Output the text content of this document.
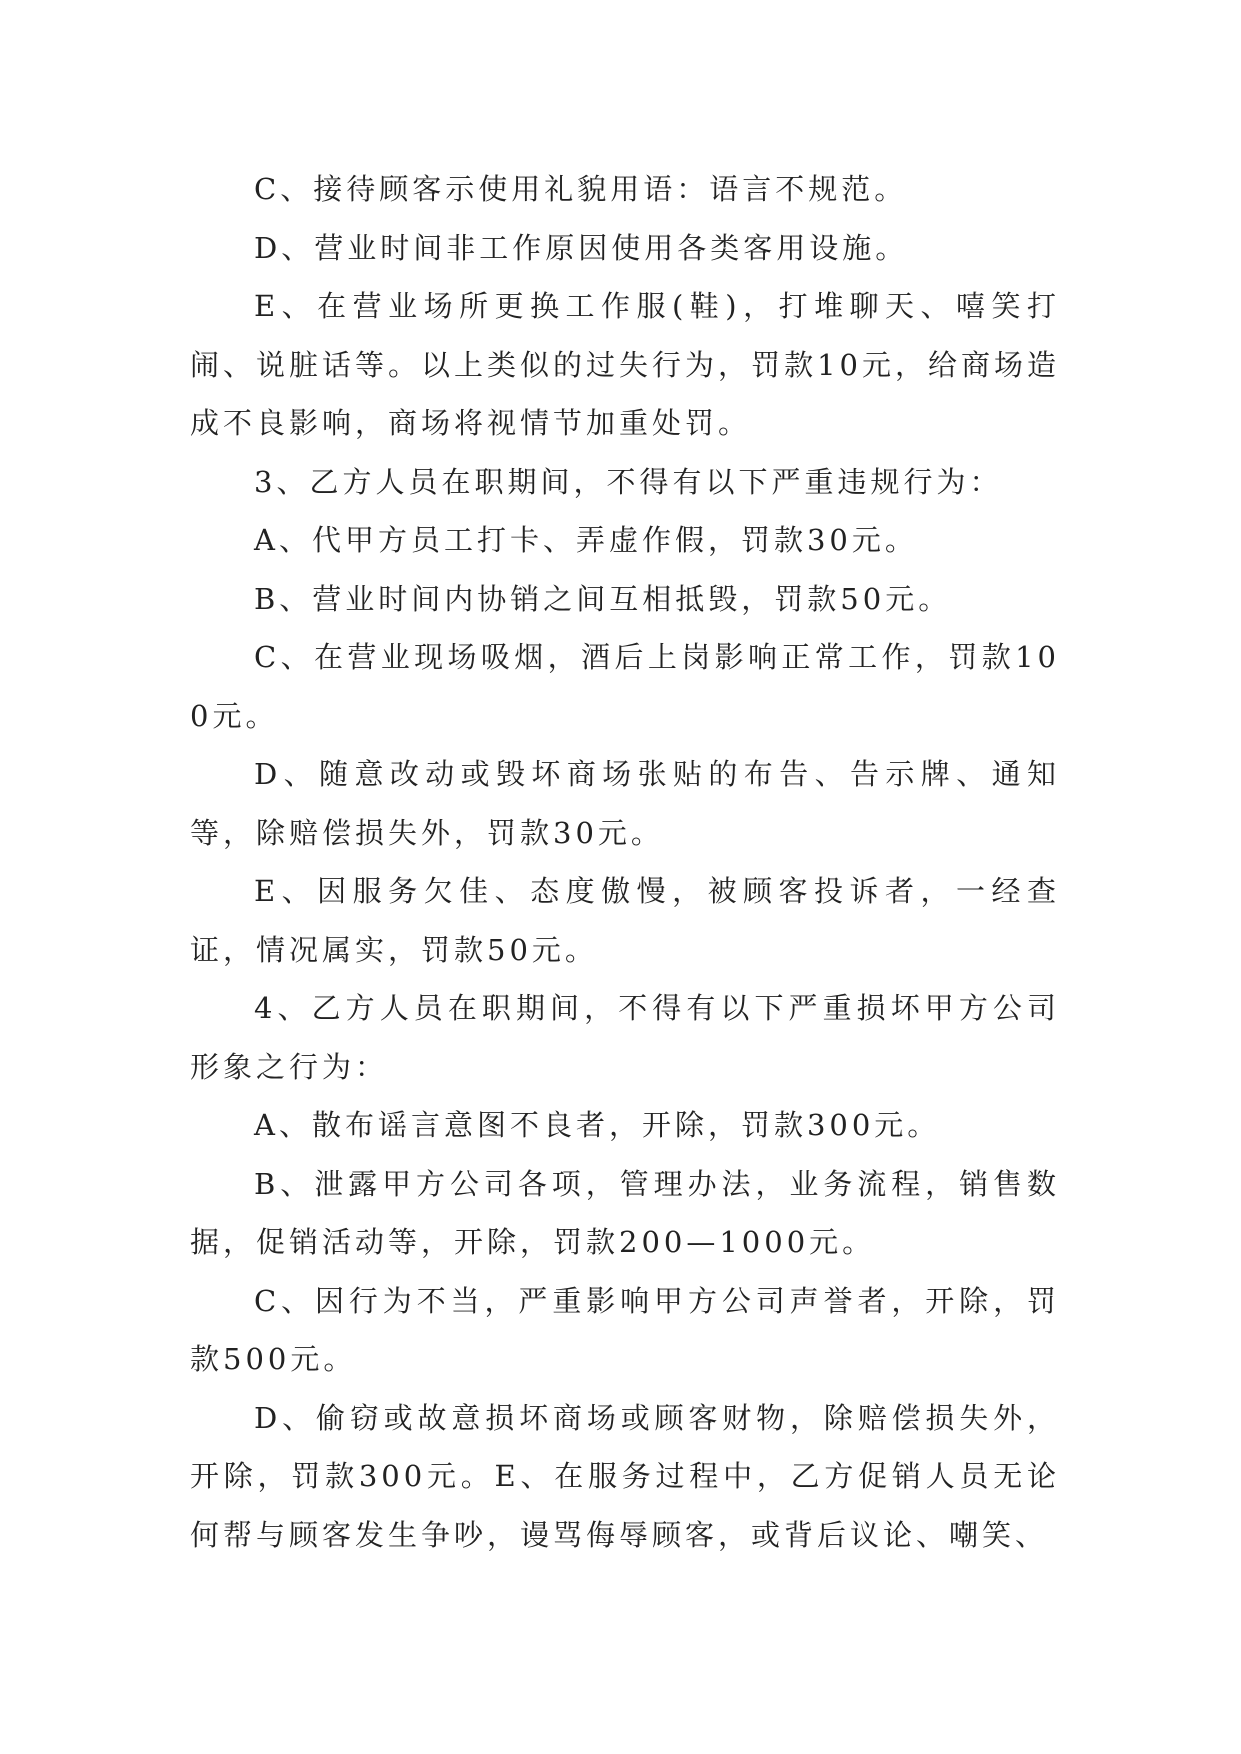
C、接待顾客示使用礼貌用语：语言不规范。

D、营业时间非工作原因使用各类客用设施。

E、在营业场所更换工作服(鞋)，打堆聊天、嘻笑打闹、说脏话等。以上类似的过失行为，罚款10元，给商场造成不良影响，商场将视情节加重处罚。

3、乙方人员在职期间，不得有以下严重违规行为：

A、代甲方员工打卡、弄虚作假，罚款30元。

B、营业时间内协销之间互相抵毁，罚款50元。

C、在营业现场吸烟，酒后上岗影响正常工作，罚款100元。

D、随意改动或毁坏商场张贴的布告、告示牌、通知等，除赔偿损失外，罚款30元。

E、因服务欠佳、态度傲慢，被顾客投诉者，一经查证，情况属实，罚款50元。

4、乙方人员在职期间，不得有以下严重损坏甲方公司形象之行为：

A、散布谣言意图不良者，开除，罚款300元。

B、泄露甲方公司各项，管理办法，业务流程，销售数据，促销活动等，开除，罚款200—1000元。

C、因行为不当，严重影响甲方公司声誉者，开除，罚款500元。

D、偷窃或故意损坏商场或顾客财物，除赔偿损失外，开除，罚款300元。E、在服务过程中，乙方促销人员无论何帮与顾客发生争吵，谩骂侮辱顾客，或背后议论、嘲笑、
